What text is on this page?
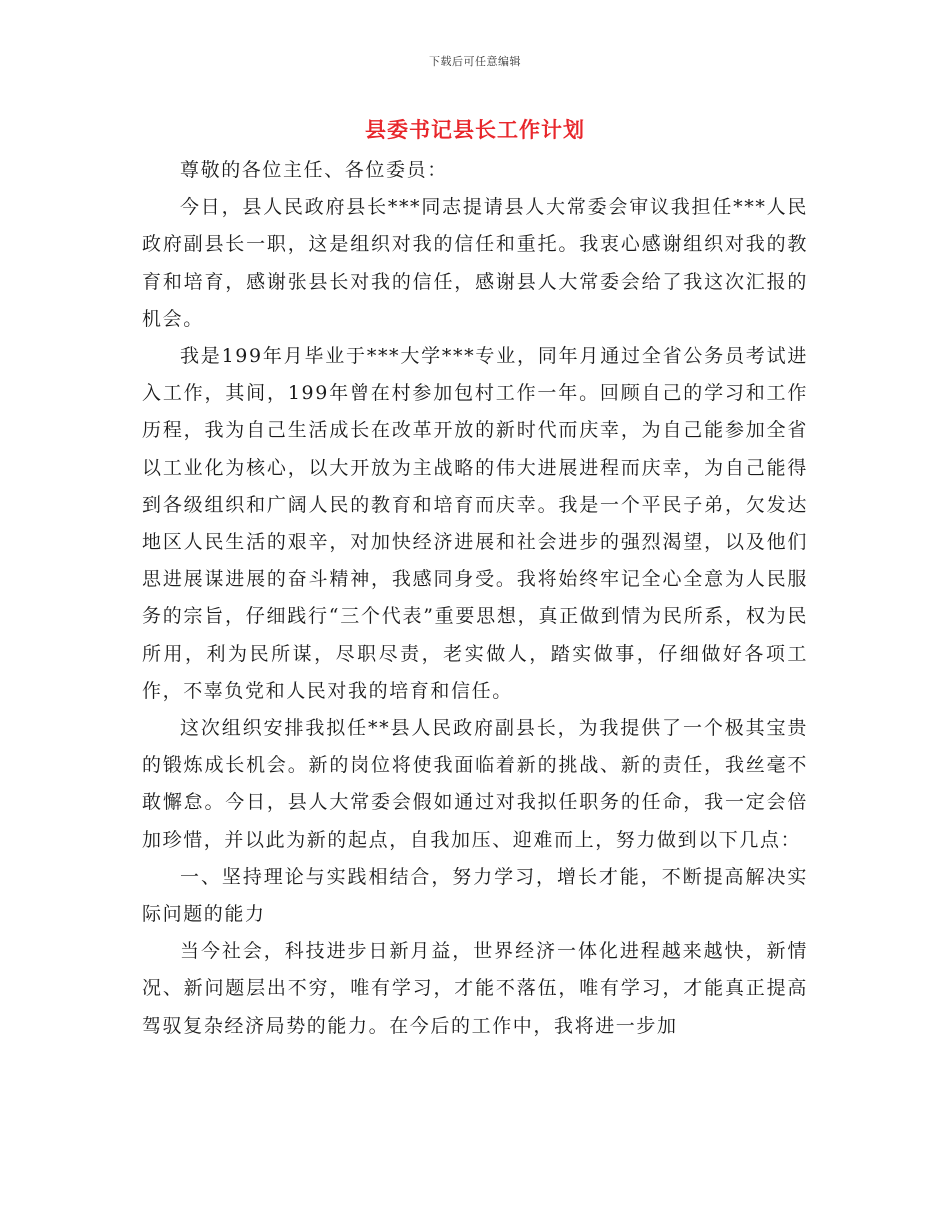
下载后可任意编辑
县委书记县长工作计划

尊敬的各位主任、各位委员：

今日，县人民政府县长***同志提请县人大常委会审议我担任***人民政府副县长一职，这是组织对我的信任和重托。我衷心感谢组织对我的教育和培育，感谢张县长对我的信任，感谢县人大常委会给了我这次汇报的机会。

我是199年月毕业于***大学***专业，同年月通过全省公务员考试进入工作，其间，199年曾在村参加包村工作一年。回顾自己的学习和工作历程，我为自己生活成长在改革开放的新时代而庆幸，为自己能参加全省以工业化为核心，以大开放为主战略的伟大进展进程而庆幸，为自己能得到各级组织和广阔人民的教育和培育而庆幸。我是一个平民子弟，欠发达地区人民生活的艰辛，对加快经济进展和社会进步的强烈渴望，以及他们思进展谋进展的奋斗精神，我感同身受。我将始终牢记全心全意为人民服务的宗旨，仔细践行“三个代表”重要思想，真正做到情为民所系，权为民所用，利为民所谋，尽职尽责，老实做人，踏实做事，仔细做好各项工作，不辜负党和人民对我的培育和信任。

这次组织安排我拟任**县人民政府副县长，为我提供了一个极其宝贵的锻炼成长机会。新的岗位将使我面临着新的挑战、新的责任，我丝毫不敢懈怠。今日，县人大常委会假如通过对我拟任职务的任命，我一定会倍加珍惜，并以此为新的起点，自我加压、迎难而上，努力做到以下几点：

一、坚持理论与实践相结合，努力学习，增长才能，不断提高解决实际问题的能力

当今社会，科技进步日新月益，世界经济一体化进程越来越快，新情况、新问题层出不穷，唯有学习，才能不落伍，唯有学习，才能真正提高驾驭复杂经济局势的能力。在今后的工作中，我将进一步加
